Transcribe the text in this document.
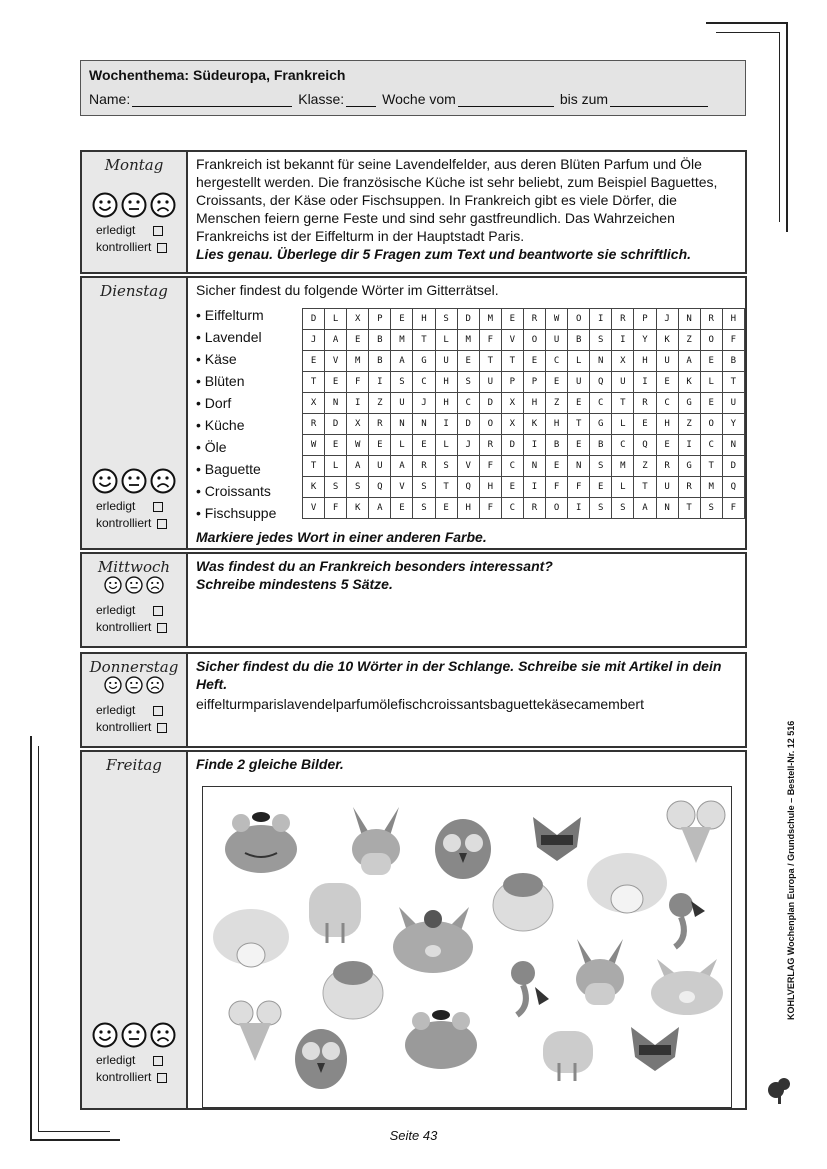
Wochenthema: Südeuropa, Frankreich
Name:	Klasse:	Woche vom	bis zum
Montag
erledigt
kontrolliert
Frankreich ist bekannt für seine Lavendelfelder, aus deren Blüten Parfum und Öle hergestellt werden. Die französische Küche ist sehr beliebt, zum Beispiel Baguettes, Croissants, der Käse oder Fischsuppen. In Frankreich gibt es viele Dörfer, die Menschen feiern gerne Feste und sind sehr gastfreundlich. Das Wahrzeichen Frankreichs ist der Eiffelturm in der Hauptstadt Paris.
Lies genau. Überlege dir 5 Fragen zum Text und beantworte sie schriftlich.
Dienstag
erledigt
kontrolliert
Sicher findest du folgende Wörter im Gitterrätsel.
• Eiffelturm
• Lavendel
• Käse
• Blüten
• Dorf
• Küche
• Öle
• Baguette
• Croissants
• Fischsuppe
D	L	X	P	E	H	S	D	M	E	R	W	O	I	R	P	J	N	R	H
J	A	E	B	M	T	L	M	F	V	O	U	B	S	I	Y	K	Z	O	F
E	V	M	B	A	G	U	E	T	T	E	C	L	N	X	H	U	A	E	B
T	E	F	I	S	C	H	S	U	P	P	E	U	Q	U	I	E	K	L	T
X	N	I	Z	U	J	H	C	D	X	H	Z	E	C	T	R	C	G	E	U
R	D	X	R	N	N	I	D	O	X	K	H	T	G	L	E	H	Z	O	Y
W	E	W	E	L	E	L	J	R	D	I	B	E	B	C	Q	E	I	C	N
T	L	A	U	A	R	S	V	F	C	N	E	N	S	M	Z	R	G	T	D
K	S	S	Q	V	S	T	Q	H	E	I	F	F	E	L	T	U	R	M	Q
V	F	K	A	E	S	E	H	F	C	R	O	I	S	S	A	N	T	S	F
Markiere jedes Wort in einer anderen Farbe.
Mittwoch
erledigt
kontrolliert
Was findest du an Frankreich besonders interessant?
Schreibe mindestens 5 Sätze.
Donnerstag
erledigt
kontrolliert
Sicher findest du die 10 Wörter in der Schlange. Schreibe sie mit Artikel in dein Heft.
eiffelturmparislavendelparfumölefischcroissantsbaguettekäsecamembert
Freitag
erledigt
kontrolliert
Finde 2 gleiche Bilder.	KOHLVERLAG Wochenplan Europa / Grundschule – Bestell-Nr. 12 516
Seite 43
